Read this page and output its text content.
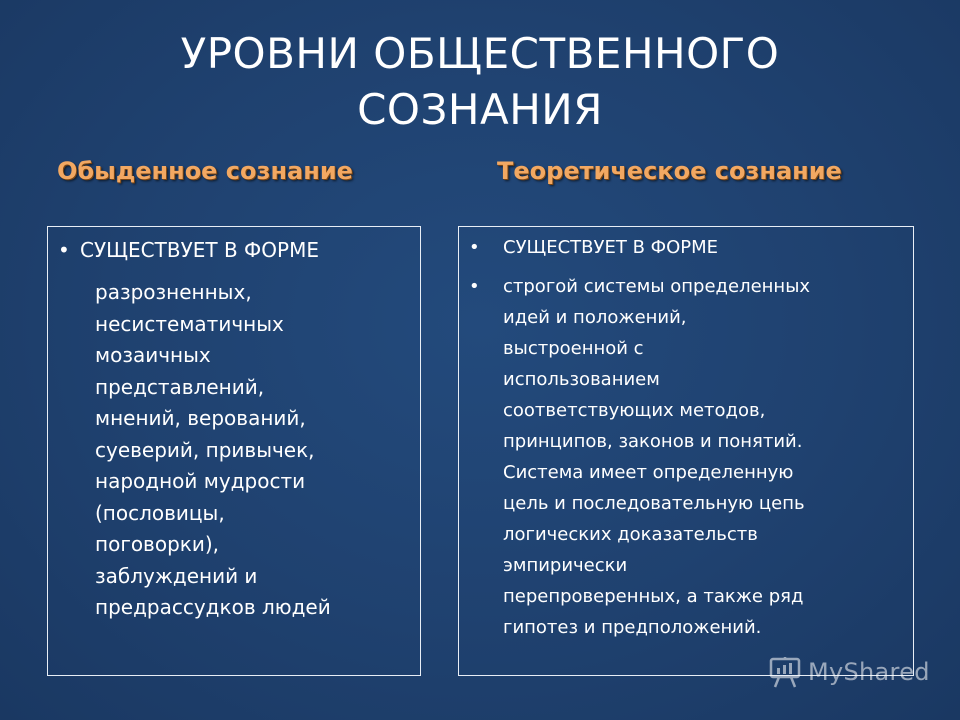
УРОВНИ ОБЩЕСТВЕННОГО
СОЗНАНИЯ
Обыденное сознание	Теоретическое сознание
• СУЩЕСТВУЕТ В ФОРМЕ
разрозненных,
несистематичных
мозаичных
представлений,
мнений, верований,
суеверий, привычек,
народной мудрости
(пословицы,
поговорки),
заблуждений и
предрассудков людей
•	СУЩЕСТВУЕТ В ФОРМЕ
•	строгой системы определенных
идей и положений,
выстроенной с
использованием
соответствующих методов,
принципов, законов и понятий.
Система имеет определенную
цель и последовательную цепь
логических доказательств
эмпирически
перепроверенных, а также ряд
гипотез и предположений.
MyShared
